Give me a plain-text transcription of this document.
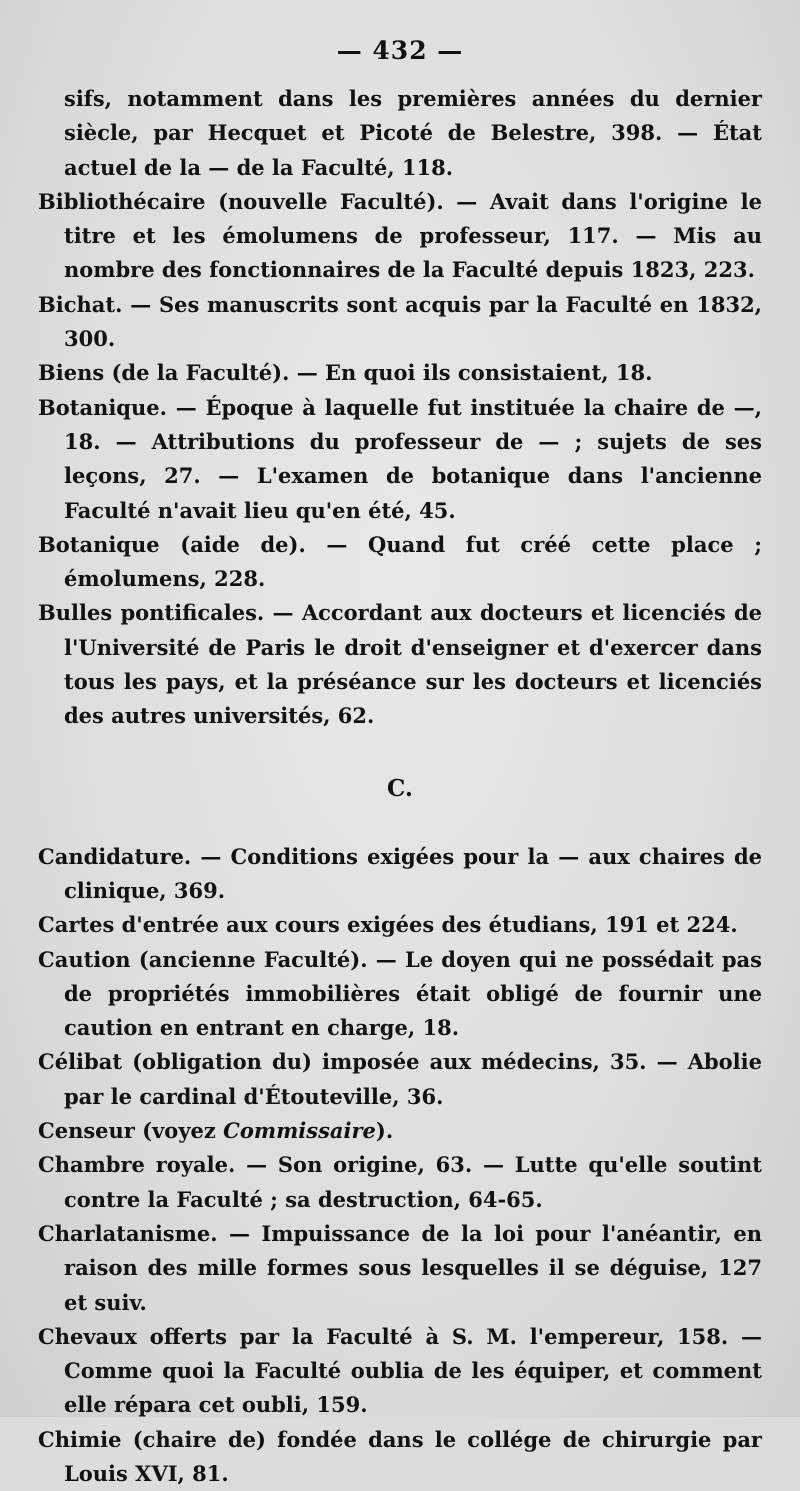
— 432 —

sifs, notamment dans les premières années du dernier siècle, par Hecquet et Picoté de Belestre, 398. — État actuel de la — de la Faculté, 118.

Bibliothécaire (nouvelle Faculté). — Avait dans l'origine le titre et les émolumens de professeur, 117. — Mis au nombre des fonctionnaires de la Faculté depuis 1823, 223.

Bichat. — Ses manuscrits sont acquis par la Faculté en 1832, 300.

Biens (de la Faculté). — En quoi ils consistaient, 18.

Botanique. — Époque à laquelle fut instituée la chaire de —, 18. — Attributions du professeur de — ; sujets de ses leçons, 27. — L'examen de botanique dans l'ancienne Faculté n'avait lieu qu'en été, 45.

Botanique (aide de). — Quand fut créé cette place ; émolumens, 228.

Bulles pontificales. — Accordant aux docteurs et licenciés de l'Université de Paris le droit d'enseigner et d'exercer dans tous les pays, et la préséance sur les docteurs et licenciés des autres universités, 62.

C.

Candidature. — Conditions exigées pour la — aux chaires de clinique, 369.

Cartes d'entrée aux cours exigées des étudians, 191 et 224.

Caution (ancienne Faculté). — Le doyen qui ne possédait pas de propriétés immobilières était obligé de fournir une caution en entrant en charge, 18.

Célibat (obligation du) imposée aux médecins, 35. — Abolie par le cardinal d'Étouteville, 36.

Censeur (voyez Commissaire).

Chambre royale. — Son origine, 63. — Lutte qu'elle soutint contre la Faculté ; sa destruction, 64-65.

Charlatanisme. — Impuissance de la loi pour l'anéantir, en raison des mille formes sous lesquelles il se déguise, 127 et suiv.

Chevaux offerts par la Faculté à S. M. l'empereur, 158. — Comme quoi la Faculté oublia de les équiper, et comment elle répara cet oubli, 159.

Chimie (chaire de) fondée dans le collége de chirurgie par Louis XVI, 81.
